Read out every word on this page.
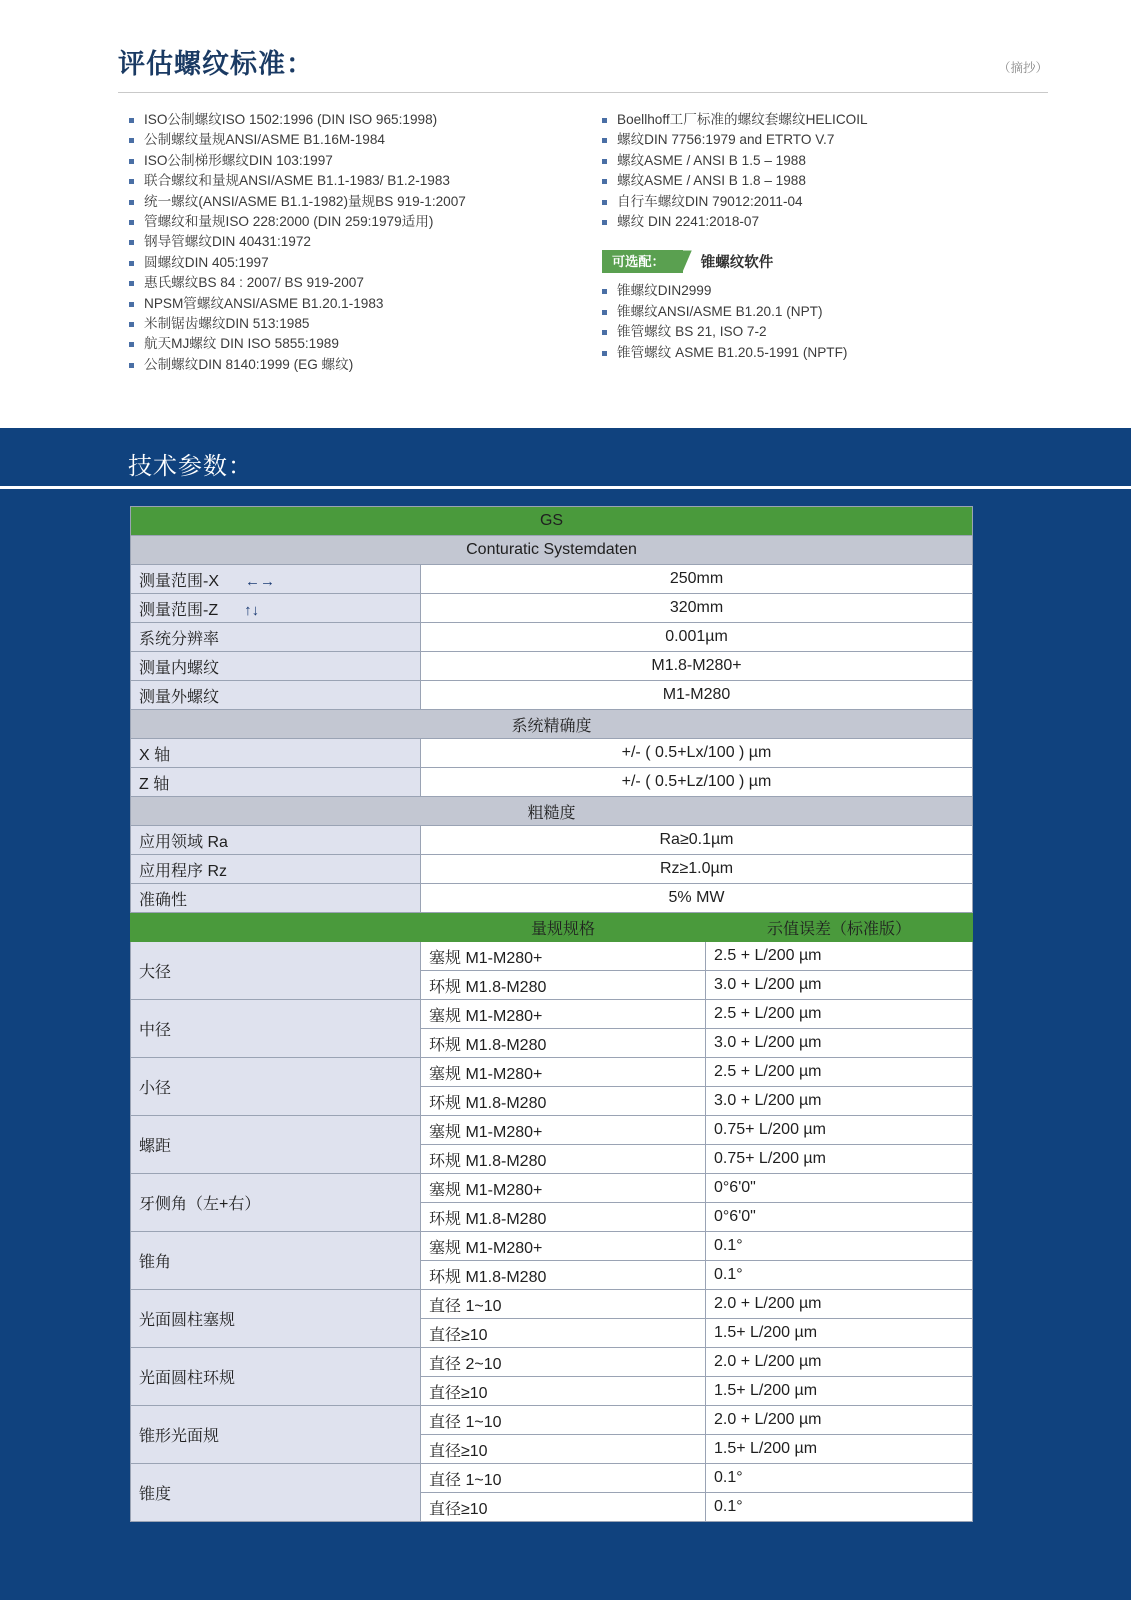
评估螺纹标准：	（摘抄）
ISO公制螺纹ISO 1502:1996 (DIN ISO 965:1998)
公制螺纹量规ANSI/ASME B1.16M-1984
ISO公制梯形螺纹DIN 103:1997
联合螺纹和量规ANSI/ASME B1.1-1983/ B1.2-1983
统一螺纹(ANSI/ASME B1.1-1982)量规BS 919-1:2007
管螺纹和量规ISO 228:2000 (DIN 259:1979适用)
钢导管螺纹DIN 40431:1972
圆螺纹DIN 405:1997
惠氏螺纹BS 84 : 2007/ BS 919-2007
NPSM管螺纹ANSI/ASME B1.20.1-1983
米制锯齿螺纹DIN 513:1985
航天MJ螺纹 DIN ISO 5855:1989
公制螺纹DIN 8140:1999 (EG 螺纹)
Boellhoff工厂标准的螺纹套螺纹HELICOIL
螺纹DIN 7756:1979 and ETRTO V.7
螺纹ASME / ANSI B 1.5 – 1988
螺纹ASME / ANSI B 1.8 – 1988
自行车螺纹DIN 79012:2011-04
螺纹 DIN 2241:2018-07
可选配：	锥螺纹软件
锥螺纹DIN2999
锥螺纹ANSI/ASME B1.20.1 (NPT)
锥管螺纹 BS 21, ISO 7-2
锥管螺纹 ASME B1.20.5-1991 (NPTF)
技术参数：
GS		
Conturatic Systemdaten		
测量范围-X ←→	250mm	
测量范围-Z ↑↓	320mm	
系统分辨率	0.001µm	
测量内螺纹	M1.8-M280+	
测量外螺纹	M1-M280	
系统精确度		
X 轴	+/- ( 0.5+Lx/100 ) µm	
Z 轴	+/- ( 0.5+Lz/100 ) µm	
粗糙度		
应用领域 Ra	Ra≥0.1µm	
应用程序 Rz	Rz≥1.0µm	
准确性	5% MW	
	量规规格	示值误差（标准版）
大径	塞规 M1-M280+	2.5 + L/200 µm
	环规 M1.8-M280	3.0 + L/200 µm
中径	塞规 M1-M280+	2.5 + L/200 µm
	环规 M1.8-M280	3.0 + L/200 µm
小径	塞规 M1-M280+	2.5 + L/200 µm
	环规 M1.8-M280	3.0 + L/200 µm
螺距	塞规 M1-M280+	0.75+ L/200 µm
	环规 M1.8-M280	0.75+ L/200 µm
牙侧角（左+右）	塞规 M1-M280+	0°6'0"
	环规 M1.8-M280	0°6'0"
锥角	塞规 M1-M280+	0.1°
	环规 M1.8-M280	0.1°
光面圆柱塞规	直径 1~10	2.0 + L/200 µm
	直径≥10	1.5+ L/200 µm
光面圆柱环规	直径 2~10	2.0 + L/200 µm
	直径≥10	1.5+ L/200 µm
锥形光面规	直径 1~10	2.0 + L/200 µm
	直径≥10	1.5+ L/200 µm
锥度	直径 1~10	0.1°
	直径≥10	0.1°
